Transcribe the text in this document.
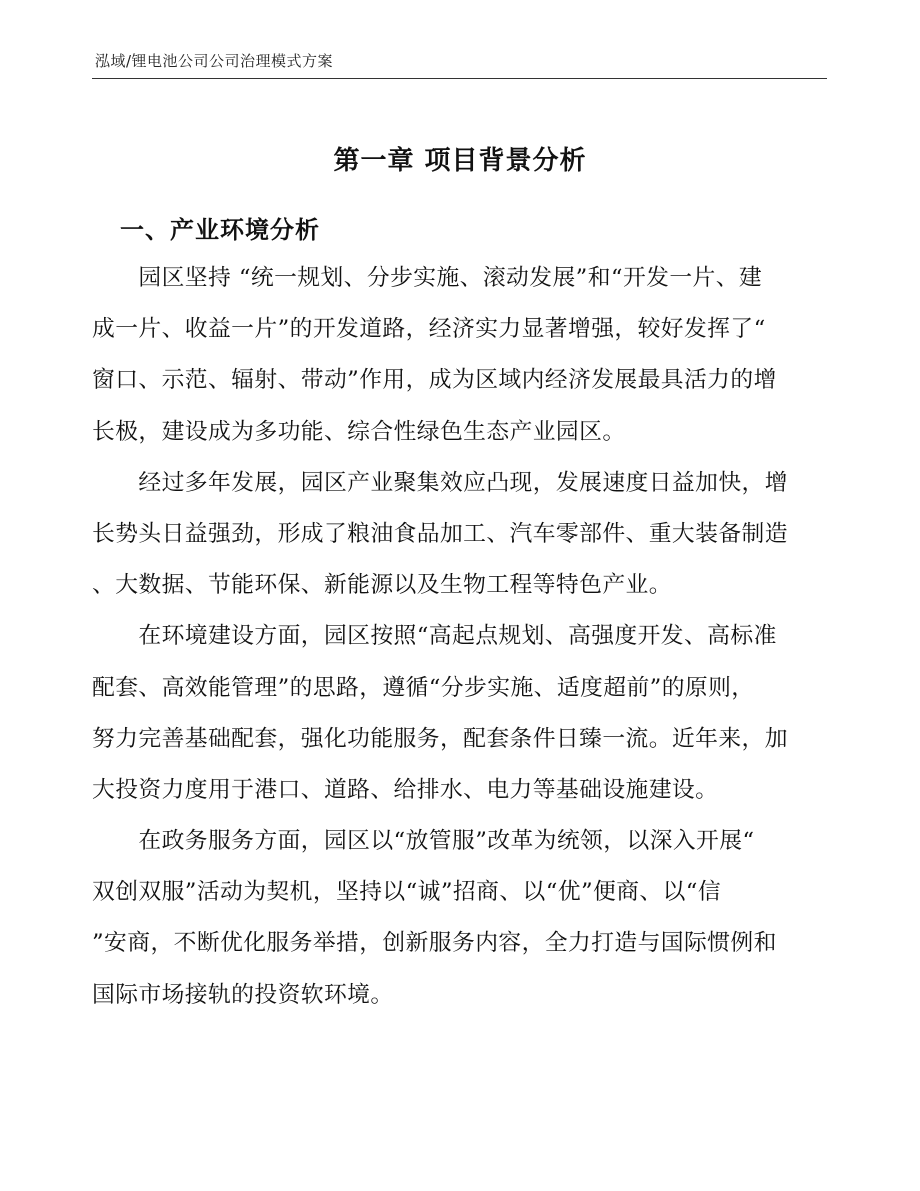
泓域/锂电池公司公司治理模式方案
第一章 项目背景分析
一、产业环境分析
　　园区坚持 “统一规划、分步实施、滚动发展”和“开发一片、建
成一片、收益一片”的开发道路，经济实力显著增强，较好发挥了“
窗口、示范、辐射、带动”作用，成为区域内经济发展最具活力的增
长极，建设成为多功能、综合性绿色生态产业园区。
　　经过多年发展，园区产业聚集效应凸现，发展速度日益加快，增
长势头日益强劲，形成了粮油食品加工、汽车零部件、重大装备制造
、大数据、节能环保、新能源以及生物工程等特色产业。
　　在环境建设方面，园区按照“高起点规划、高强度开发、高标准
配套、高效能管理”的思路，遵循“分步实施、适度超前”的原则，
努力完善基础配套，强化功能服务，配套条件日臻一流。近年来，加
大投资力度用于港口、道路、给排水、电力等基础设施建设。
　　在政务服务方面，园区以“放管服”改革为统领，以深入开展“
双创双服”活动为契机，坚持以“诚”招商、以“优”便商、以“信
”安商，不断优化服务举措，创新服务内容，全力打造与国际惯例和
国际市场接轨的投资软环境。
